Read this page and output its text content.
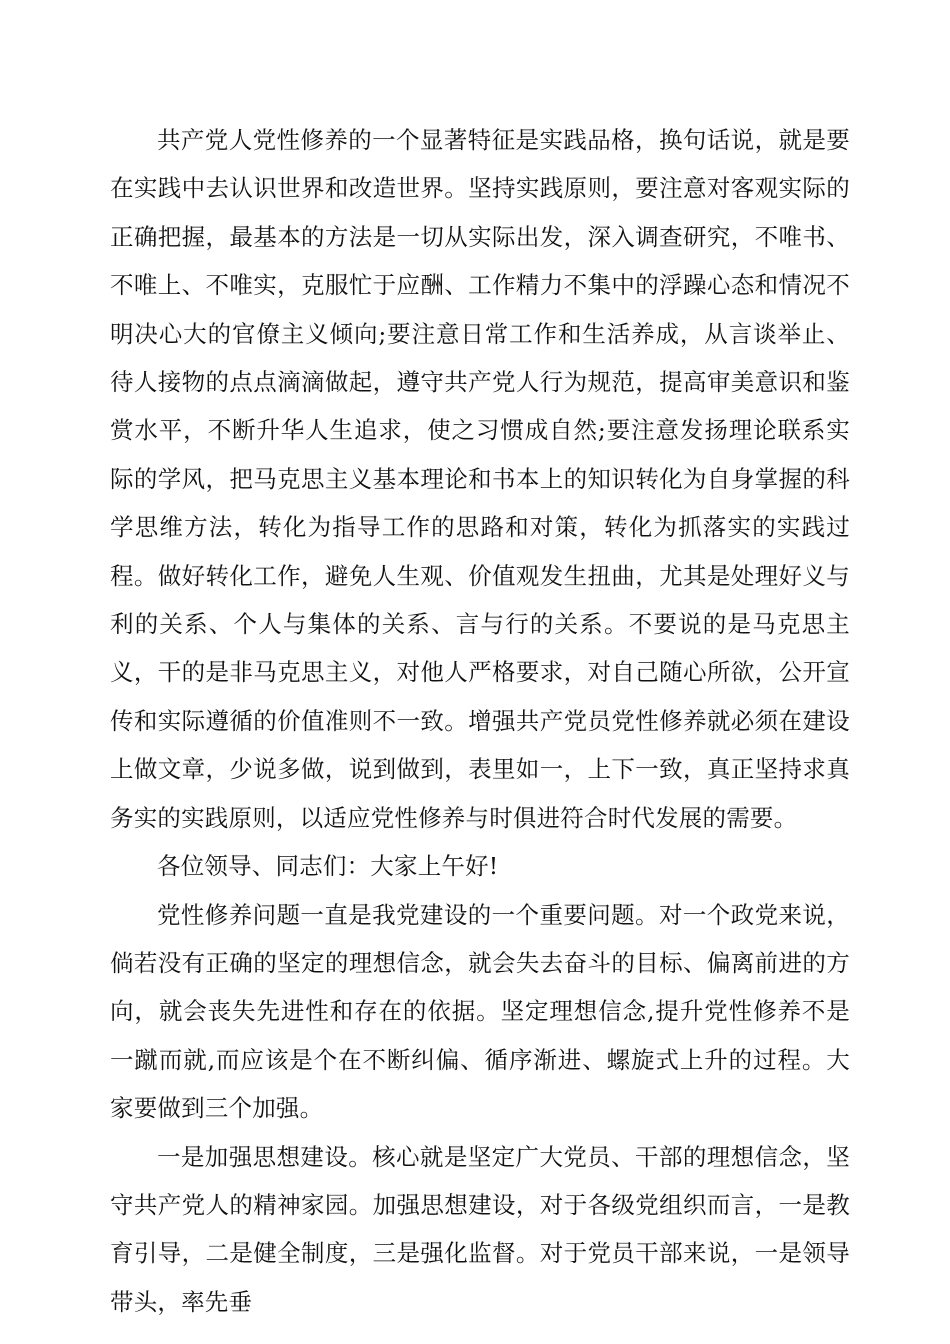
共产党人党性修养的一个显著特征是实践品格，换句话说，就是要在实践中去认识世界和改造世界。坚持实践原则，要注意对客观实际的正确把握，最基本的方法是一切从实际出发，深入调查研究，不唯书、不唯上、不唯实，克服忙于应酬、工作精力不集中的浮躁心态和情况不明决心大的官僚主义倾向;要注意日常工作和生活养成，从言谈举止、待人接物的点点滴滴做起，遵守共产党人行为规范，提高审美意识和鉴赏水平，不断升华人生追求，使之习惯成自然;要注意发扬理论联系实际的学风，把马克思主义基本理论和书本上的知识转化为自身掌握的科学思维方法，转化为指导工作的思路和对策，转化为抓落实的实践过程。做好转化工作，避免人生观、价值观发生扭曲，尤其是处理好义与利的关系、个人与集体的关系、言与行的关系。不要说的是马克思主义，干的是非马克思主义，对他人严格要求，对自己随心所欲，公开宣传和实际遵循的价值准则不一致。增强共产党员党性修养就必须在建设上做文章，少说多做，说到做到，表里如一，上下一致，真正坚持求真务实的实践原则，以适应党性修养与时俱进符合时代发展的需要。

各位领导、同志们：大家上午好!

党性修养问题一直是我党建设的一个重要问题。对一个政党来说，倘若没有正确的坚定的理想信念，就会失去奋斗的目标、偏离前进的方向，就会丧失先进性和存在的依据。坚定理想信念,提升党性修养不是一蹴而就,而应该是个在不断纠偏、循序渐进、螺旋式上升的过程。大家要做到三个加强。

一是加强思想建设。核心就是坚定广大党员、干部的理想信念，坚守共产党人的精神家园。加强思想建设，对于各级党组织而言，一是教育引导，二是健全制度，三是强化监督。对于党员干部来说，一是领导带头，率先垂
